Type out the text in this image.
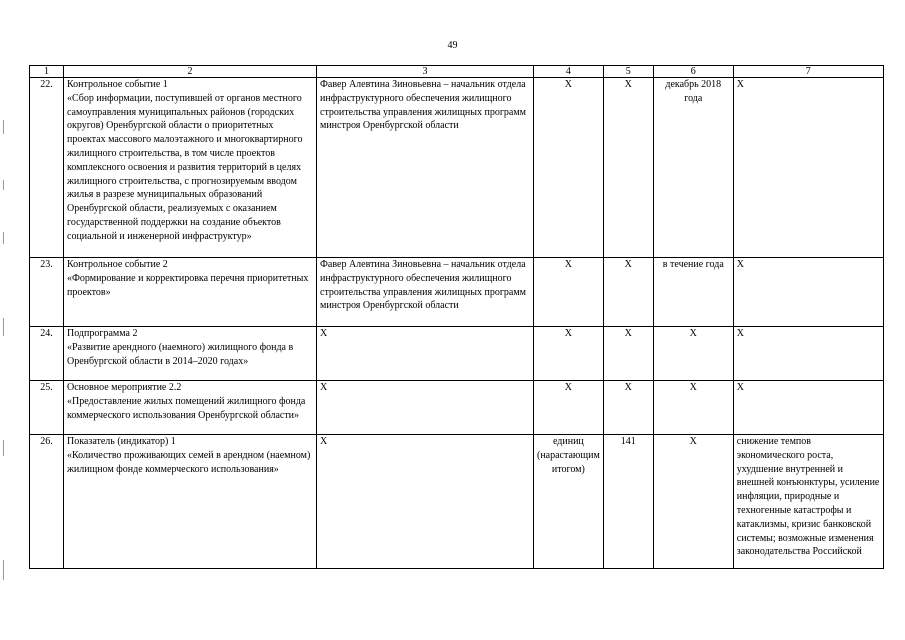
49
1	2	3	4	5	6	7
22.	Контрольное событие 1
«Сбор информации, поступившей от органов местного самоуправления муниципальных районов (городских округов) Оренбургской области о приоритетных проектах массового малоэтажного и многоквартирного жилищного строительства, в том числе проектов комплексного освоения и развития территорий в целях жилищного строительства, с прогнозируемым вводом жилья в разрезе муниципальных образований Оренбургской области, реализуемых с оказанием государственной поддержки на создание объектов социальной и инженерной инфраструктур»	Фавер Алевтина Зиновьевна – начальник отдела инфраструктурного обеспечения жилищного строительства управления жилищных программ минстроя Оренбургской области	X	X	декабрь 2018 года	X
23.	Контрольное событие 2
«Формирование и корректировка перечня приоритетных проектов»	Фавер Алевтина Зиновьевна – начальник отдела инфраструктурного обеспечения жилищного строительства управления жилищных программ минстроя Оренбургской области	X	X	в течение года	X
24.	Подпрограмма 2
«Развитие арендного (наемного) жилищного фонда в Оренбургской области в 2014–2020 годах»	X	X	X	X	X
25.	Основное мероприятие 2.2
«Предоставление жилых помещений жилищного фонда коммерческого использования Оренбургской области»	X	X	X	X	X
26.	Показатель (индикатор) 1
«Количество проживающих семей в арендном (наемном) жилищном фонде коммерческого использования»	X	единиц (нарастающим итогом)	141	X	снижение темпов экономического роста, ухудшение внутренней и внешней конъюнктуры, усиление инфляции, природные и техногенные катастрофы и катаклизмы, кризис банковской системы; возможные изменения законодательства Российской
